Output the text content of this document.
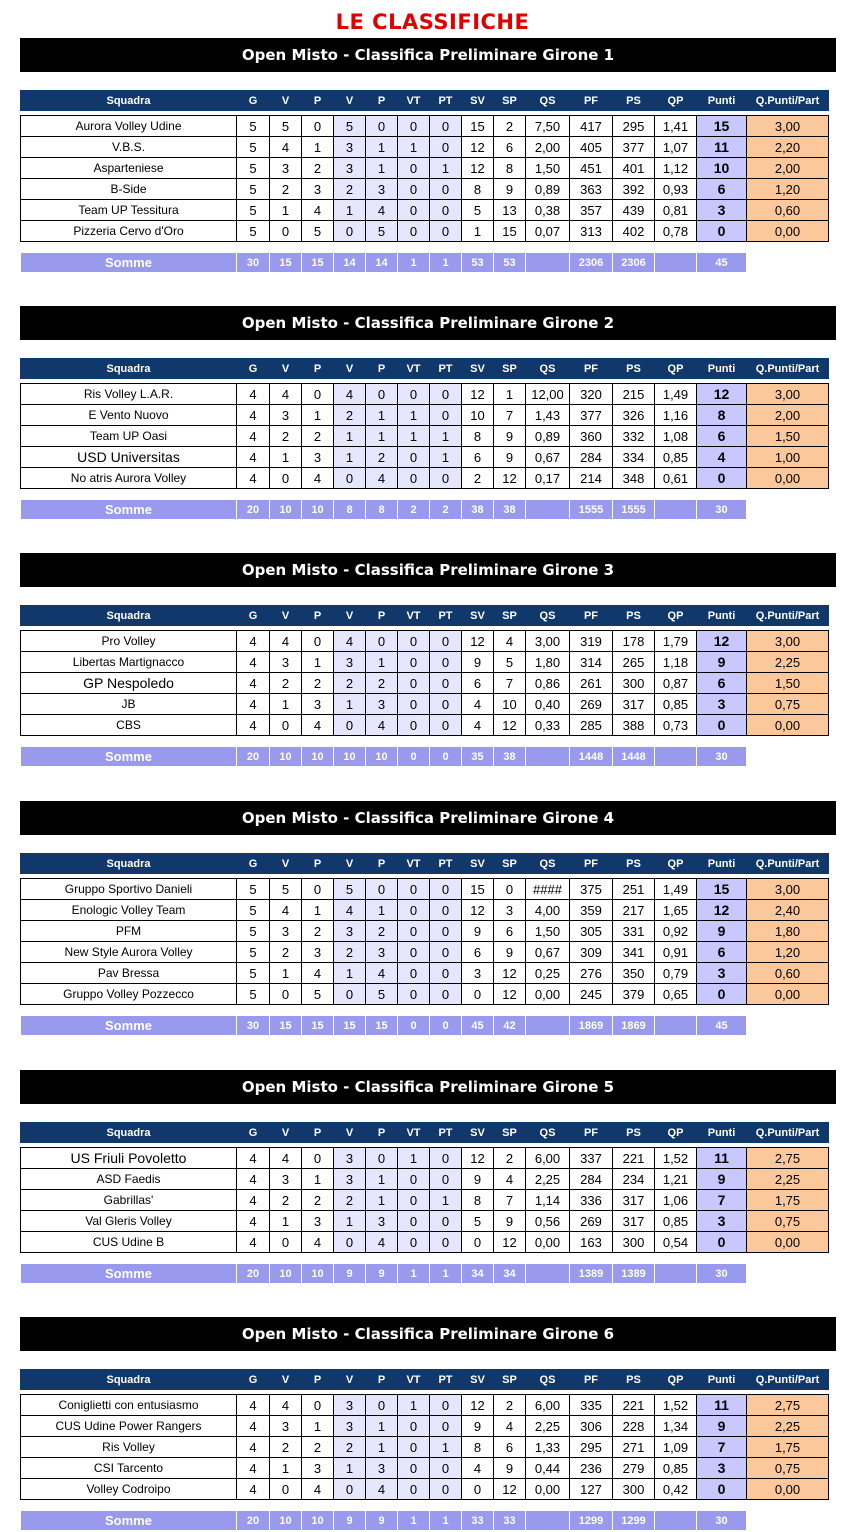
LE CLASSIFICHE
Open Misto - Classifica Preliminare Girone 1
Squadra	G	V	P	V	P	VT	PT	SV	SP	QS	PF	PS	QP	Punti	Q.Punti/Part
Aurora Volley Udine	5	5	0	5	0	0	0	15	2	7,50	417	295	1,41	15	3,00
V.B.S.	5	4	1	3	1	1	0	12	6	2,00	405	377	1,07	11	2,20
Asparteniese	5	3	2	3	1	0	1	12	8	1,50	451	401	1,12	10	2,00
B-Side	5	2	3	2	3	0	0	8	9	0,89	363	392	0,93	6	1,20
Team UP Tessitura	5	1	4	1	4	0	0	5	13	0,38	357	439	0,81	3	0,60
Pizzeria Cervo d'Oro	5	0	5	0	5	0	0	1	15	0,07	313	402	0,78	0	0,00
Somme	30	15	15	14	14	1	1	53	53		2306	2306		45	
Open Misto - Classifica Preliminare Girone 2
Squadra	G	V	P	V	P	VT	PT	SV	SP	QS	PF	PS	QP	Punti	Q.Punti/Part
Ris Volley L.A.R.	4	4	0	4	0	0	0	12	1	12,00	320	215	1,49	12	3,00
E Vento Nuovo	4	3	1	2	1	1	0	10	7	1,43	377	326	1,16	8	2,00
Team UP Oasi	4	2	2	1	1	1	1	8	9	0,89	360	332	1,08	6	1,50
USD Universitas	4	1	3	1	2	0	1	6	9	0,67	284	334	0,85	4	1,00
No atris Aurora Volley	4	0	4	0	4	0	0	2	12	0,17	214	348	0,61	0	0,00
Somme	20	10	10	8	8	2	2	38	38		1555	1555		30	
Open Misto - Classifica Preliminare Girone 3
Squadra	G	V	P	V	P	VT	PT	SV	SP	QS	PF	PS	QP	Punti	Q.Punti/Part
Pro Volley	4	4	0	4	0	0	0	12	4	3,00	319	178	1,79	12	3,00
Libertas Martignacco	4	3	1	3	1	0	0	9	5	1,80	314	265	1,18	9	2,25
GP Nespoledo	4	2	2	2	2	0	0	6	7	0,86	261	300	0,87	6	1,50
JB	4	1	3	1	3	0	0	4	10	0,40	269	317	0,85	3	0,75
CBS	4	0	4	0	4	0	0	4	12	0,33	285	388	0,73	0	0,00
Somme	20	10	10	10	10	0	0	35	38		1448	1448		30	
Open Misto - Classifica Preliminare Girone 4
Squadra	G	V	P	V	P	VT	PT	SV	SP	QS	PF	PS	QP	Punti	Q.Punti/Part
Gruppo Sportivo Danieli	5	5	0	5	0	0	0	15	0	####	375	251	1,49	15	3,00
Enologic Volley Team	5	4	1	4	1	0	0	12	3	4,00	359	217	1,65	12	2,40
PFM	5	3	2	3	2	0	0	9	6	1,50	305	331	0,92	9	1,80
New Style Aurora Volley	5	2	3	2	3	0	0	6	9	0,67	309	341	0,91	6	1,20
Pav Bressa	5	1	4	1	4	0	0	3	12	0,25	276	350	0,79	3	0,60
Gruppo Volley Pozzecco	5	0	5	0	5	0	0	0	12	0,00	245	379	0,65	0	0,00
Somme	30	15	15	15	15	0	0	45	42		1869	1869		45	
Open Misto - Classifica Preliminare Girone 5
Squadra	G	V	P	V	P	VT	PT	SV	SP	QS	PF	PS	QP	Punti	Q.Punti/Part
US Friuli Povoletto	4	4	0	3	0	1	0	12	2	6,00	337	221	1,52	11	2,75
ASD Faedis	4	3	1	3	1	0	0	9	4	2,25	284	234	1,21	9	2,25
Gabrillas'	4	2	2	2	1	0	1	8	7	1,14	336	317	1,06	7	1,75
Val Gleris Volley	4	1	3	1	3	0	0	5	9	0,56	269	317	0,85	3	0,75
CUS Udine B	4	0	4	0	4	0	0	0	12	0,00	163	300	0,54	0	0,00
Somme	20	10	10	9	9	1	1	34	34		1389	1389		30	
Open Misto - Classifica Preliminare Girone 6
Squadra	G	V	P	V	P	VT	PT	SV	SP	QS	PF	PS	QP	Punti	Q.Punti/Part
Coniglietti con entusiasmo	4	4	0	3	0	1	0	12	2	6,00	335	221	1,52	11	2,75
CUS Udine Power Rangers	4	3	1	3	1	0	0	9	4	2,25	306	228	1,34	9	2,25
Ris Volley	4	2	2	2	1	0	1	8	6	1,33	295	271	1,09	7	1,75
CSI Tarcento	4	1	3	1	3	0	0	4	9	0,44	236	279	0,85	3	0,75
Volley Codroipo	4	0	4	0	4	0	0	0	12	0,00	127	300	0,42	0	0,00
Somme	20	10	10	9	9	1	1	33	33		1299	1299		30	
